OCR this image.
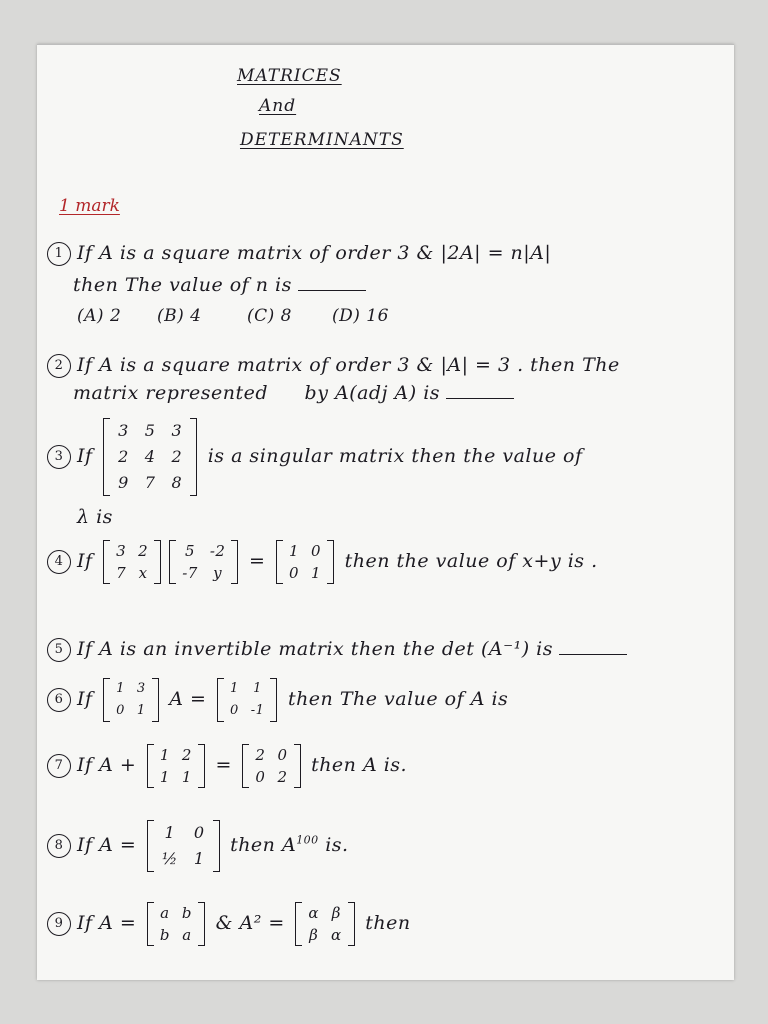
MATRICES
And
DETERMINANTS
1 mark
1 If A is a square matrix of order 3 & |2A| = n|A|
then The value of n is
(A) 2 (B) 4	(C) 8 (D) 16
2 If A is a square matrix of order 3 & |A| = 3 . then The
matrix represented by A(adj A) is
3 If
3	5	3
2	4	2
9	7	8
is a singular matrix then the value of
λ is
4 If 3	2
7	x
5	-2
-7	y
= 1	0
0	1
then the value of x+y is .
5 If A is an invertible matrix then the det (A⁻¹) is
6 If 1	3
0	1
A = 1	1
0	-1
then The value of A is
7 If A + 1	2
1	1
= 2	0
0	2
then A is.
8 If A =
1	0
½	1
then $A^{100}$ is.
9 If A = a	b
b	a
& A² = α	β
β	α
then
